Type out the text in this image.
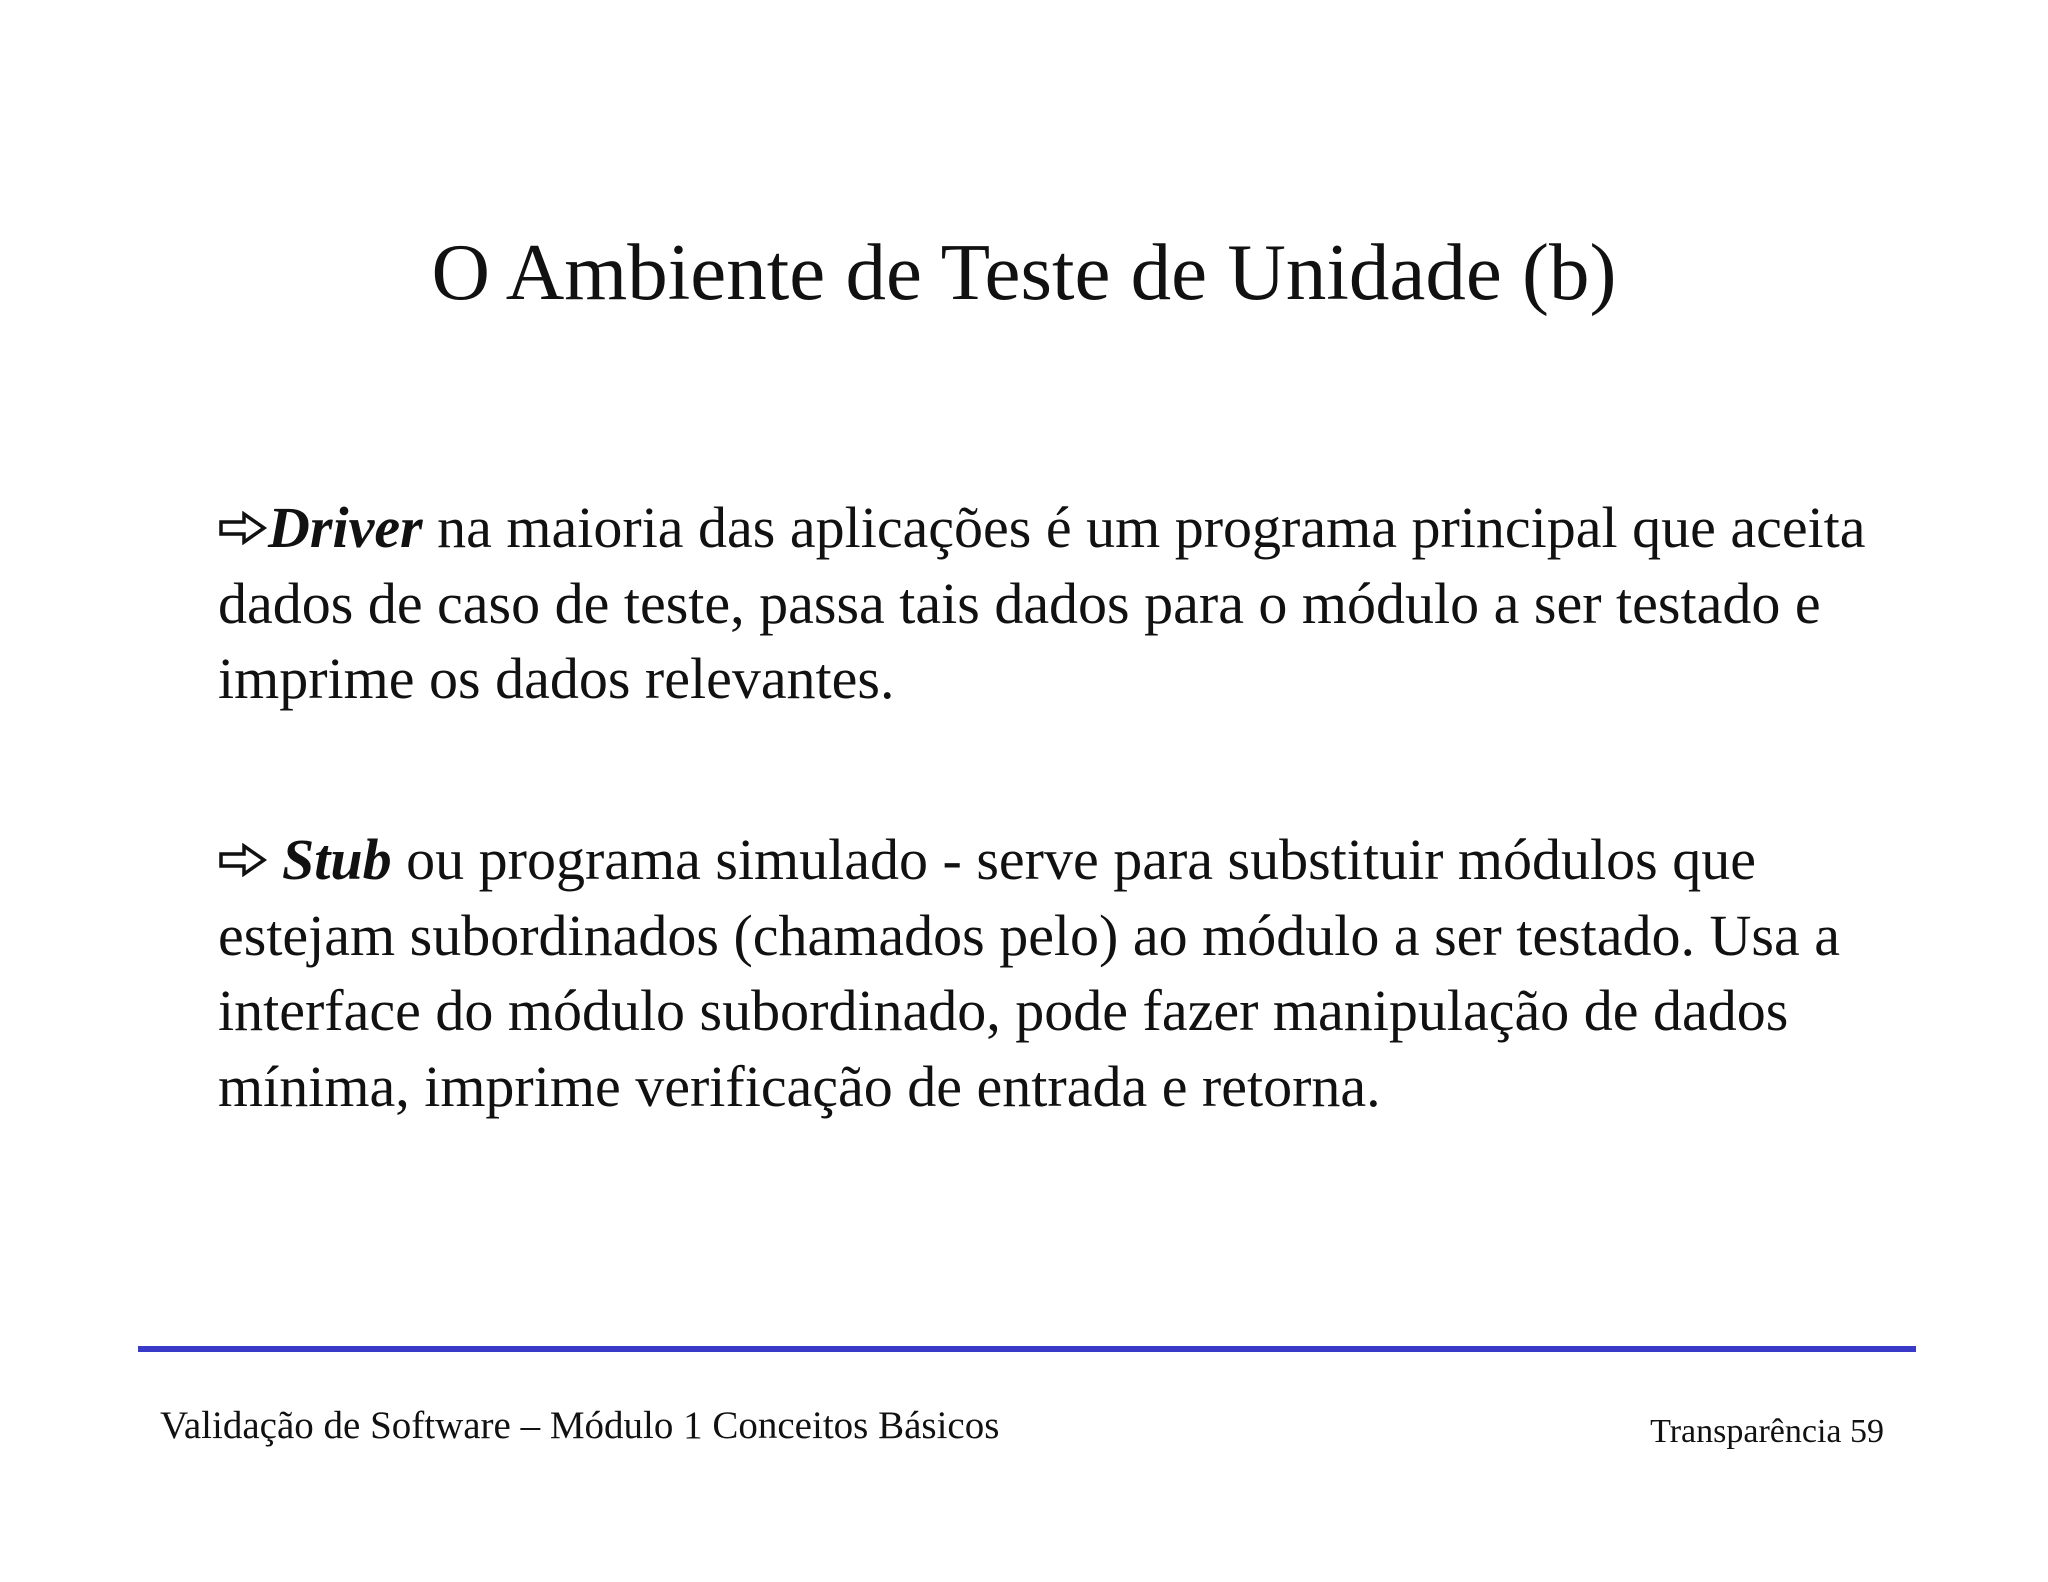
O Ambiente de Teste de Unidade (b)

Driver na maioria das aplicações é um programa principal que aceita dados de caso de teste, passa tais dados para o módulo a ser testado e imprime os dados relevantes.

Stub ou programa simulado - serve para substituir módulos que estejam subordinados (chamados pelo) ao módulo a ser testado. Usa a interface do módulo subordinado, pode fazer manipulação de dados mínima, imprime verificação de entrada e retorna.

Validação de Software – Módulo 1 Conceitos Básicos	Transparência 59
